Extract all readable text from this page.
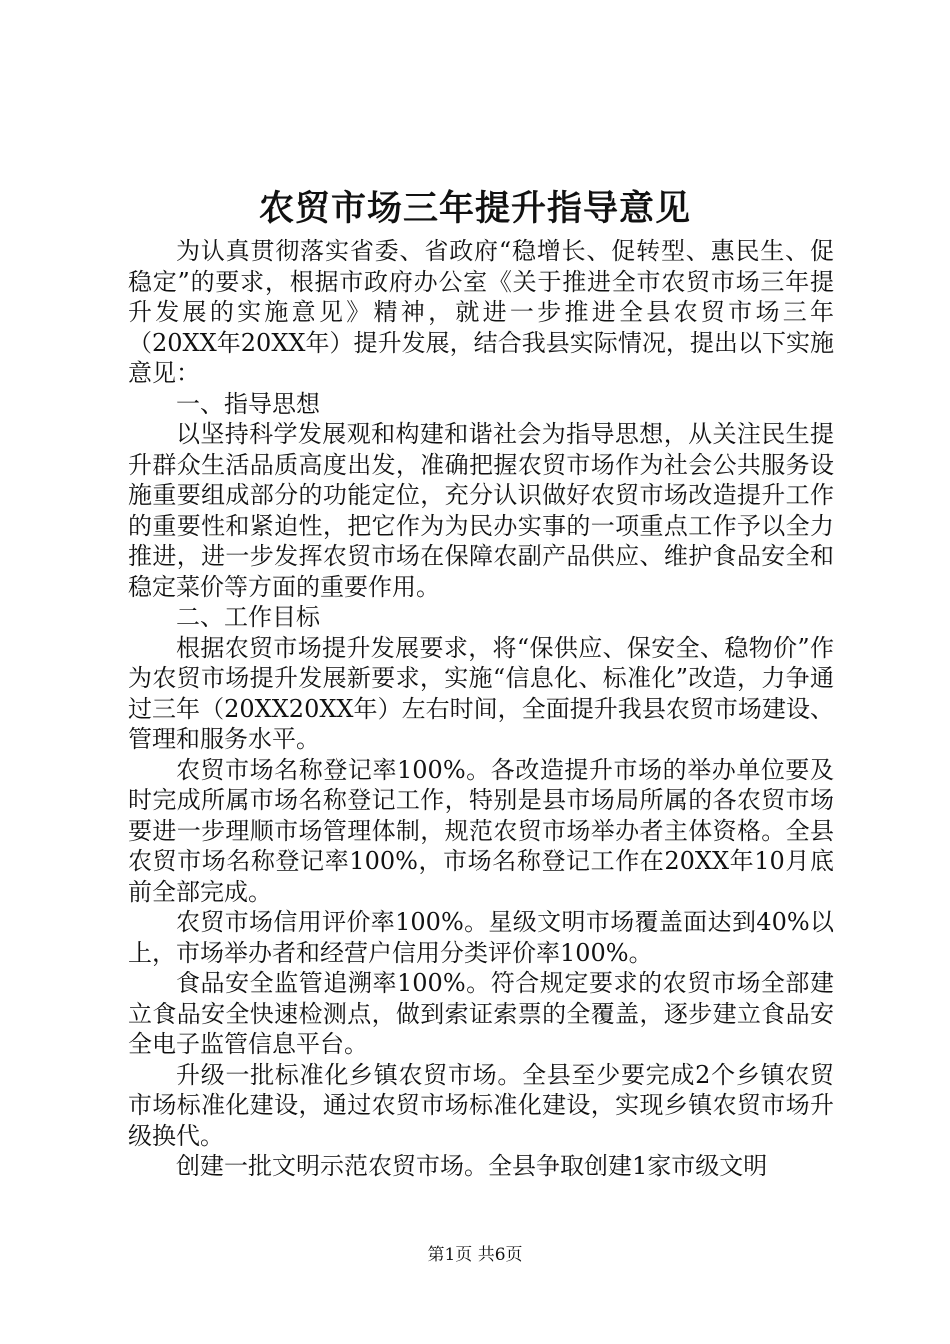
农贸市场三年提升指导意见

为认真贯彻落实省委、省政府“稳增长、促转型、惠民生、促稳定”的要求，根据市政府办公室《关于推进全市农贸市场三年提升发展的实施意见》精神，就进一步推进全县农贸市场三年（20XX年20XX年）提升发展，结合我县实际情况，提出以下实施意见：

一、指导思想

以坚持科学发展观和构建和谐社会为指导思想，从关注民生提升群众生活品质高度出发，准确把握农贸市场作为社会公共服务设施重要组成部分的功能定位，充分认识做好农贸市场改造提升工作的重要性和紧迫性，把它作为为民办实事的一项重点工作予以全力推进，进一步发挥农贸市场在保障农副产品供应、维护食品安全和稳定菜价等方面的重要作用。

二、工作目标

根据农贸市场提升发展要求，将“保供应、保安全、稳物价”作为农贸市场提升发展新要求，实施“信息化、标准化”改造，力争通过三年（20XX20XX年）左右时间，全面提升我县农贸市场建设、管理和服务水平。

农贸市场名称登记率100%。各改造提升市场的举办单位要及时完成所属市场名称登记工作，特别是县市场局所属的各农贸市场要进一步理顺市场管理体制，规范农贸市场举办者主体资格。全县农贸市场名称登记率100%，市场名称登记工作在20XX年10月底前全部完成。

农贸市场信用评价率100%。星级文明市场覆盖面达到40%以上，市场举办者和经营户信用分类评价率100%。

食品安全监管追溯率100%。符合规定要求的农贸市场全部建立食品安全快速检测点，做到索证索票的全覆盖，逐步建立食品安全电子监管信息平台。

升级一批标准化乡镇农贸市场。全县至少要完成2个乡镇农贸市场标准化建设，通过农贸市场标准化建设，实现乡镇农贸市场升级换代。

创建一批文明示范农贸市场。全县争取创建1家市级文明

第1页 共6页
